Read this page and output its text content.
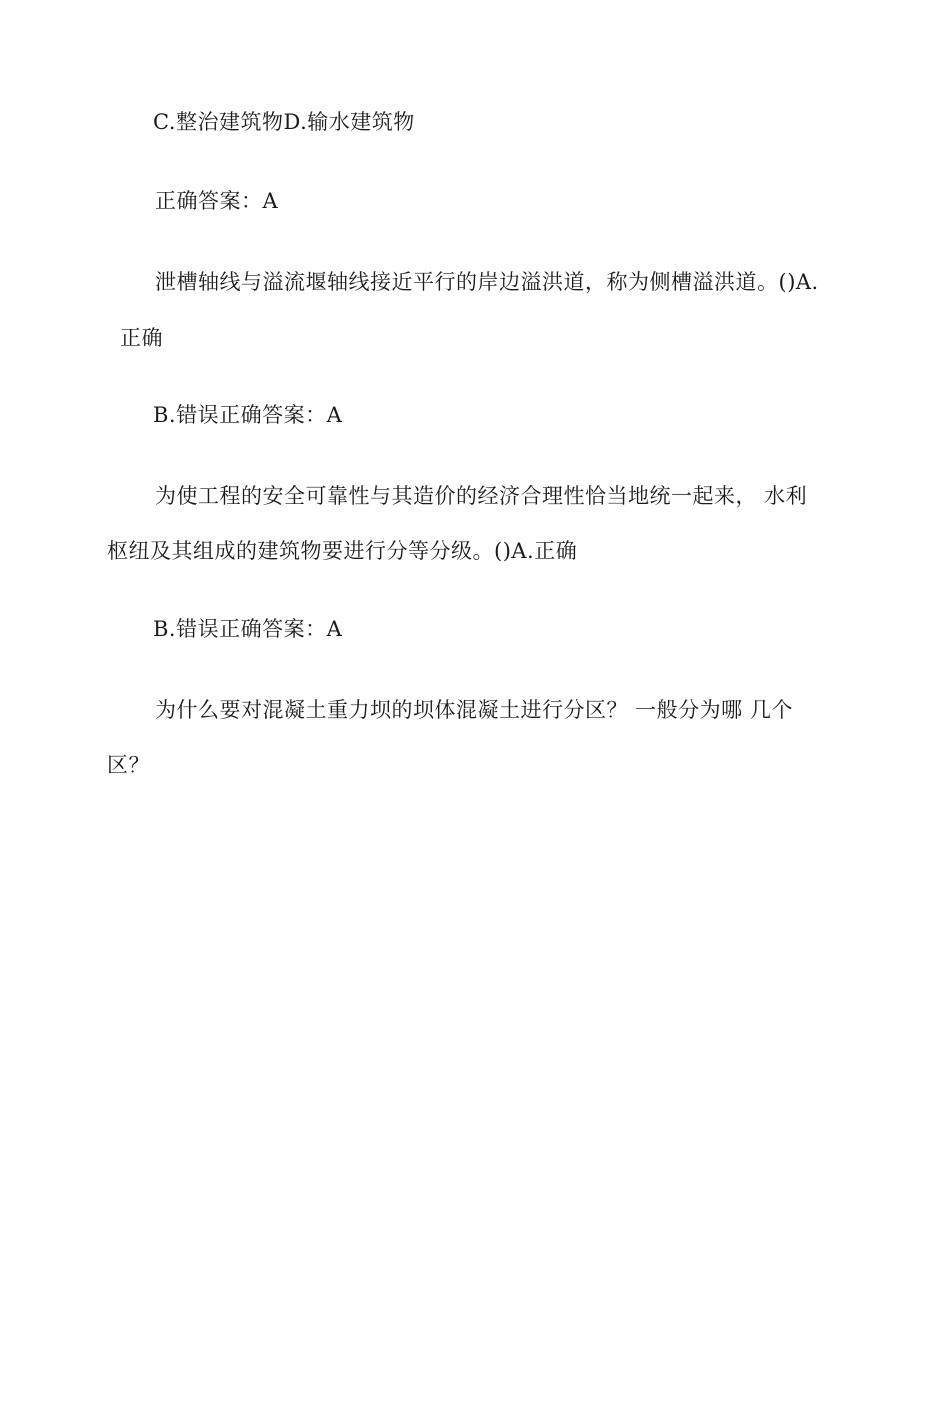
C.整治建筑物D.输水建筑物
正确答案：A
泄槽轴线与溢流堰轴线接近平行的岸边溢洪道，称为侧槽溢洪道。()A.
正确
B.错误正确答案：A
为使工程的安全可靠性与其造价的经济合理性恰当地统一起来， 水利
枢纽及其组成的建筑物要进行分等分级。()A.正确
B.错误正确答案：A
为什么要对混凝土重力坝的坝体混凝土进行分区？ 一般分为哪 几个
区？
